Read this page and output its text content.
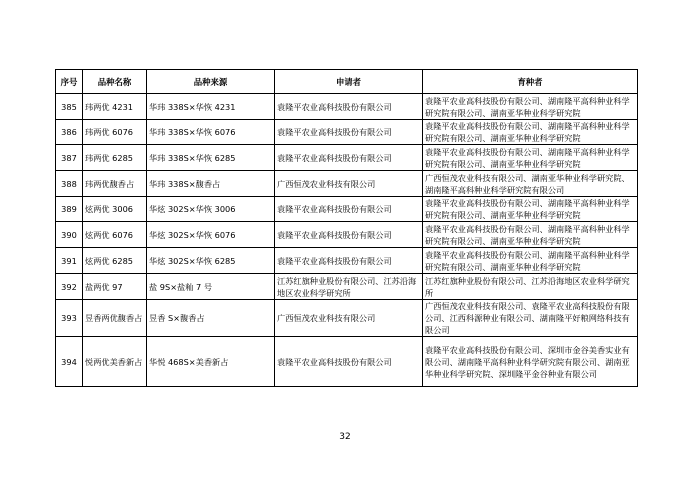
序号	品种名称	品种来源	申请者	育种者
385	玮两优 4231	华玮 338S×华恢 4231	袁隆平农业高科技股份有限公司	袁隆平农业高科技股份有限公司、湖南隆平高科种业科学研究院有限公司、湖南亚华种业科学研究院
386	玮两优 6076	华玮 338S×华恢 6076	袁隆平农业高科技股份有限公司	袁隆平农业高科技股份有限公司、湖南隆平高科种业科学研究院有限公司、湖南亚华种业科学研究院
387	玮两优 6285	华玮 338S×华恢 6285	袁隆平农业高科技股份有限公司	袁隆平农业高科技股份有限公司、湖南隆平高科种业科学研究院有限公司、湖南亚华种业科学研究院
388	玮两优馥香占	华玮 338S×馥香占	广西恒茂农业科技有限公司	广西恒茂农业科技有限公司、湖南亚华种业科学研究院、湖南隆平高科种业科学研究院有限公司
389	炫两优 3006	华炫 302S×华恢 3006	袁隆平农业高科技股份有限公司	袁隆平农业高科技股份有限公司、湖南隆平高科种业科学研究院有限公司、湖南亚华种业科学研究院
390	炫两优 6076	华炫 302S×华恢 6076	袁隆平农业高科技股份有限公司	袁隆平农业高科技股份有限公司、湖南隆平高科种业科学研究院有限公司、湖南亚华种业科学研究院
391	炫两优 6285	华炫 302S×华恢 6285	袁隆平农业高科技股份有限公司	袁隆平农业高科技股份有限公司、湖南隆平高科种业科学研究院有限公司、湖南亚华种业科学研究院
392	盐两优 97	盐 9S×盐籼 7 号	江苏红旗种业股份有限公司、江苏沿海地区农业科学研究所	江苏红旗种业股份有限公司、江苏沿海地区农业科学研究所
393	昱香两优馥香占	昱香 S×馥香占	广西恒茂农业科技有限公司	广西恒茂农业科技有限公司、袁隆平农业高科技股份有限公司、江西科源种业有限公司、湖南隆平好粮网络科技有限公司
394	悦两优美香新占	华悦 468S×美香新占	袁隆平农业高科技股份有限公司	袁隆平农业高科技股份有限公司、深圳市金谷美香实业有限公司、湖南隆平高科种业科学研究院有限公司、湖南亚华种业科学研究院、深圳隆平金谷种业有限公司
32
